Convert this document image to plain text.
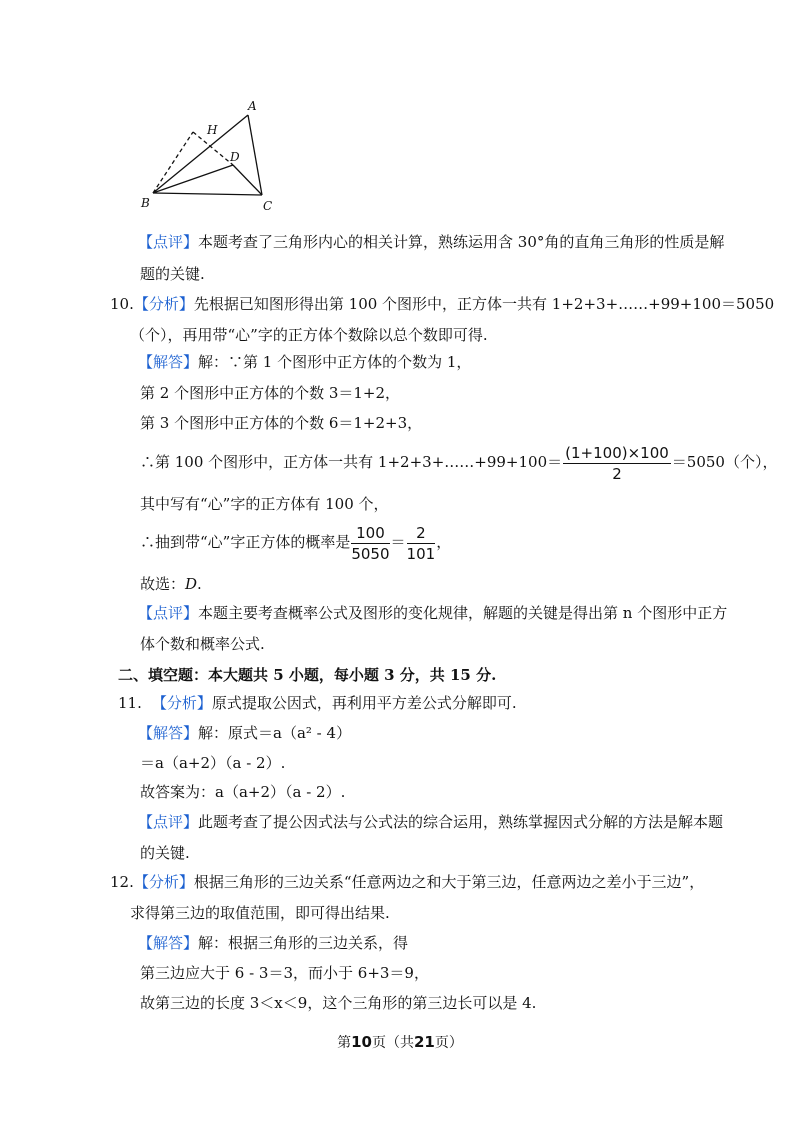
A
H
D
B	C
【点评】本题考查了三角形内心的相关计算，熟练运用含 30°角的直角三角形的性质是解
题的关键.
10.【分析】先根据已知图形得出第 100 个图形中，正方体一共有 1+2+3+……+99+100＝5050
（个），再用带“心”字的正方体个数除以总个数即可得.
【解答】解：∵第 1 个图形中正方体的个数为 1，
第 2 个图形中正方体的个数 3＝1+2，
第 3 个图形中正方体的个数 6＝1+2+3，
∴第 100 个图形中，正方体一共有 1+2+3+……+99+100＝ $\frac{(1+100)\times 100}{2} =5050$（个），
其中写有“心”字的正方体有 100 个，
∴抽到带“心”字正方体的概率是 $\frac{100}{5050} = \frac{2}{101}$ ，
故选：D.
【点评】本题主要考查概率公式及图形的变化规律，解题的关键是得出第 n 个图形中正方
体个数和概率公式.
二、填空题：本大题共 5 小题，每小题 3 分，共 15 分.
11. 【分析】原式提取公因式，再利用平方差公式分解即可.
【解答】解：原式＝a（a² - 4）
＝a（a+2）（a - 2）.
故答案为：a（a+2）（a - 2）.
【点评】此题考查了提公因式法与公式法的综合运用，熟练掌握因式分解的方法是解本题
的关键.
12.【分析】根据三角形的三边关系“任意两边之和大于第三边，任意两边之差小于三边”，
求得第三边的取值范围，即可得出结果.
【解答】解：根据三角形的三边关系，得
第三边应大于 6 - 3＝3，而小于 6+3＝9，
故第三边的长度 3＜x＜9，这个三角形的第三边长可以是 4.
第10页（共21页）
